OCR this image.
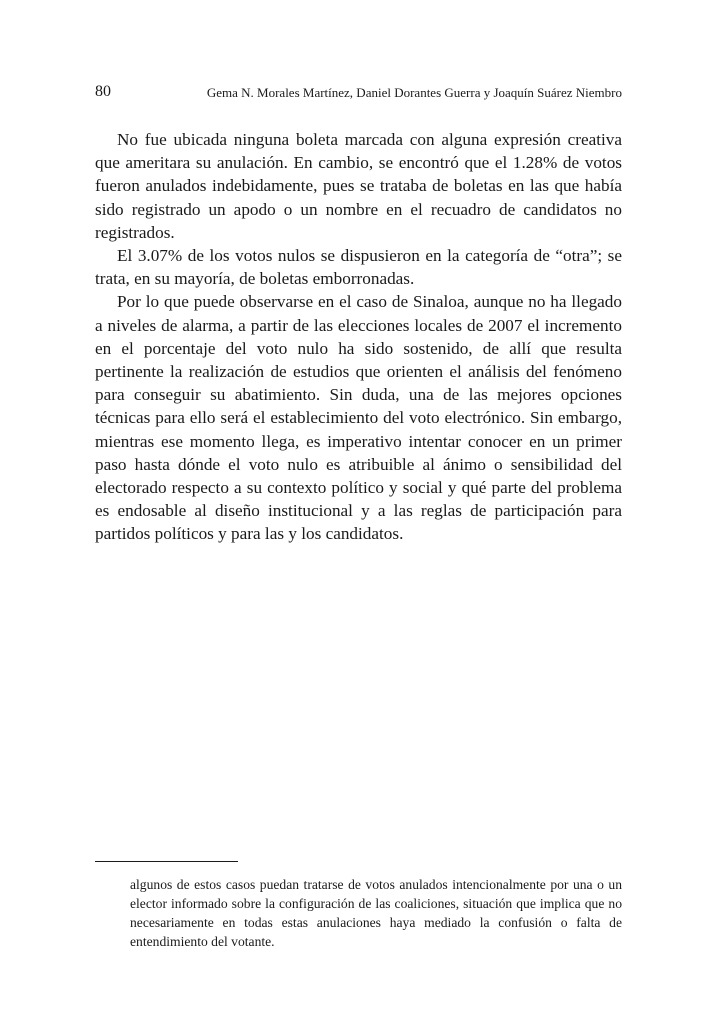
80	Gema N. Morales Martínez, Daniel Dorantes Guerra y Joaquín Suárez Niembro

No fue ubicada ninguna boleta marcada con alguna expresión creativa que ameritara su anulación. En cambio, se encontró que el 1.28% de votos fueron anulados indebidamente, pues se trataba de boletas en las que había sido registrado un apodo o un nombre en el recuadro de candidatos no registrados.

El 3.07% de los votos nulos se dispusieron en la categoría de “otra”; se trata, en su mayoría, de boletas emborronadas.

Por lo que puede observarse en el caso de Sinaloa, aunque no ha llegado a niveles de alarma, a partir de las elecciones locales de 2007 el incremento en el porcentaje del voto nulo ha sido sostenido, de allí que resulta pertinente la realización de estudios que orienten el análisis del fenómeno para conseguir su abatimiento. Sin duda, una de las mejores opciones técnicas para ello será el establecimiento del voto electrónico. Sin embargo, mientras ese momento llega, es imperativo intentar conocer en un primer paso hasta dónde el voto nulo es atribuible al ánimo o sensibilidad del electorado respecto a su contexto político y social y qué parte del problema es endosable al diseño institucional y a las reglas de participación para partidos políticos y para las y los candidatos.

algunos de estos casos puedan tratarse de votos anulados intencionalmente por una o un elector informado sobre la configuración de las coaliciones, situación que implica que no necesariamente en todas estas anulaciones haya mediado la confusión o falta de entendimiento del votante.
